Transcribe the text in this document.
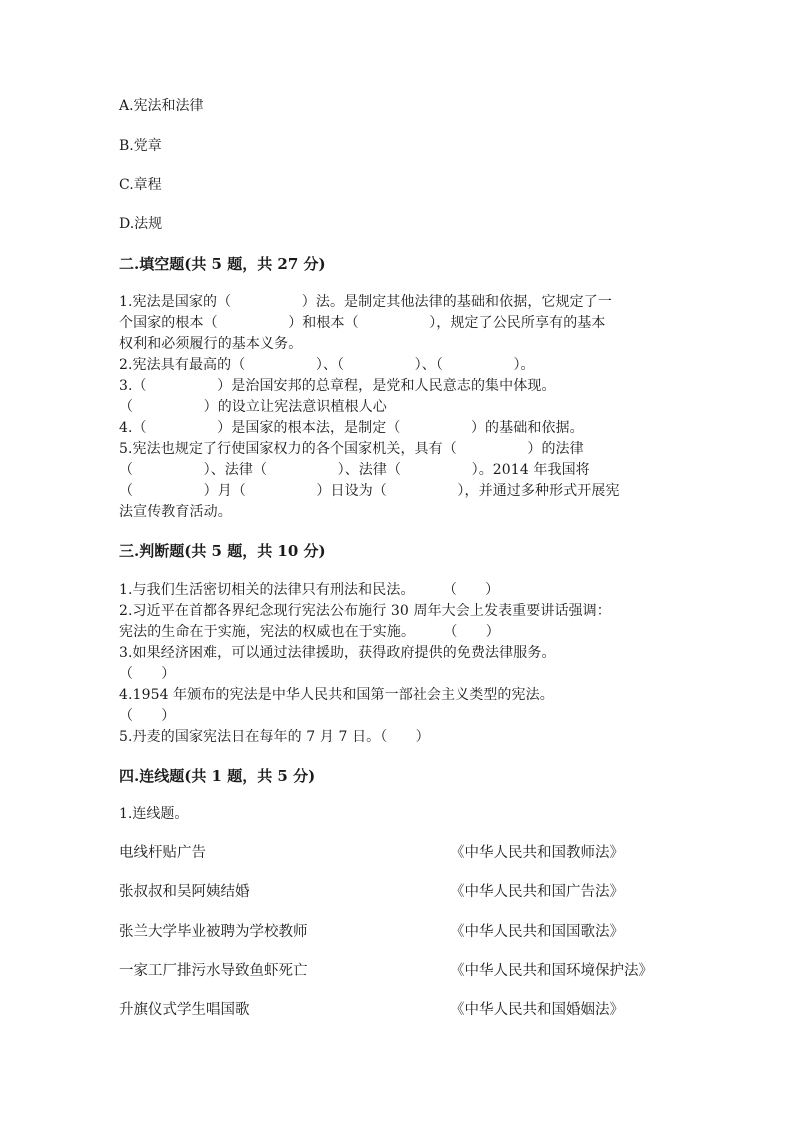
A.宪法和法律
B.党章
C.章程
D.法规
二.填空题(共 5 题，共 27 分)
1.宪法是国家的（　　　　　）法。是制定其他法律的基础和依据，它规定了一
个国家的根本（　　　　　）和根本（　　　　　），规定了公民所享有的基本
权利和必须履行的基本义务。
2.宪法具有最高的（　　　　　）、（　　　　　）、（　　　　　）。
3.（　　　　　）是治国安邦的总章程，是党和人民意志的集中体现。
（　　　　　）的设立让宪法意识植根人心
4.（　　　　　）是国家的根本法，是制定（　　　　　）的基础和依据。
5.宪法也规定了行使国家权力的各个国家机关，具有（　　　　　）的法律
（　　　　　）、法律（　　　　　）、法律（　　　　　）。2014 年我国将
（　　　　　）月（　　　　　）日设为（　　　　　），并通过多种形式开展宪
法宣传教育活动。
三.判断题(共 5 题，共 10 分)
1.与我们生活密切相关的法律只有刑法和民法。　　　（　　）
2.习近平在首都各界纪念现行宪法公布施行 30 周年大会上发表重要讲话强调：
宪法的生命在于实施，宪法的权威也在于实施。　　　（　　）
3.如果经济困难，可以通过法律援助，获得政府提供的免费法律服务。
（　　）
4.1954 年颁布的宪法是中华人民共和国第一部社会主义类型的宪法。
（　　）
5.丹麦的国家宪法日在每年的 7 月 7 日。（　　）
四.连线题(共 1 题，共 5 分)
1.连线题。
电线杆贴广告	《中华人民共和国教师法》
张叔叔和吴阿姨结婚	《中华人民共和国广告法》
张兰大学毕业被聘为学校教师	《中华人民共和国国歌法》
一家工厂排污水导致鱼虾死亡	《中华人民共和国环境保护法》
升旗仪式学生唱国歌	《中华人民共和国婚姻法》
